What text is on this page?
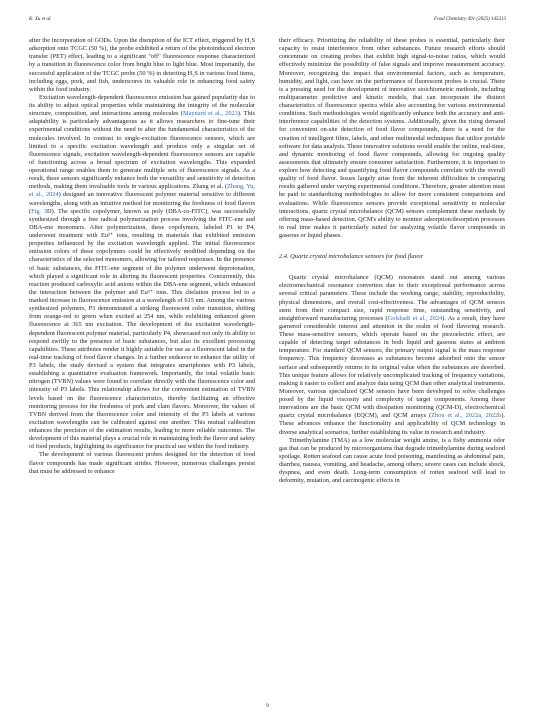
K. Xu et al.	Food Chemistry 491 (2025) 145313

after the incorporation of GODs. Upon the disruption of the ICT effect, triggered by H₂S adsorption onto TCGC (50 %), the probe exhibited a return of the photoinduced electron transfer (PET) effect, leading to a significant "off" fluorescence response characterized by a transition in fluorescence color from bright blue to light blue. Most importantly, the successful application of the TCGC probe (50 %) in detecting H₂S in various food items, including eggs, pork, and fish, underscores its valuable role in enhancing food safety within the food industry.

Excitation wavelength-dependent fluorescence emission has gained popularity due to its ability to adjust optical properties while maintaining the integrity of the molecular structure, composition, and interactions among molecules (Maynard et al., 2023). This adaptability is particularly advantageous as it allows researchers to fine-tune their experimental conditions without the need to alter the fundamental characteristics of the molecules involved. In contrast to single-excitation fluorescence sensors, which are limited to a specific excitation wavelength and produce only a singular set of fluorescence signals, excitation wavelength-dependent fluorescence sensors are capable of functioning across a broad spectrum of excitation wavelengths. This expanded operational range enables them to generate multiple sets of fluorescence signals. As a result, these sensors significantly enhance both the versatility and sensitivity of detection methods, making them invaluable tools in various applications. Zhang et al. (Zhang, Yu, et al., 2024) designed an innovative fluorescent polymer material sensitive to different wavelengths, along with an intuitive method for monitoring the freshness of food flavors (Fig. 3D). The specific copolymer, known as poly (DBA-co-FITC), was successfully synthesized through a free radical polymerization process involving the FITC-ene and DBA-ene monomers. After polymerization, these copolymers, labeled P1 to P4, underwent treatment with Eu³⁺ ions, resulting in materials that exhibited emission properties influenced by the excitation wavelength applied. The initial fluorescence emission colors of these copolymers could be effectively modified depending on the characteristics of the selected monomers, allowing for tailored responses. In the presence of basic substances, the FITC-ene segment of the polymer underwent deprotonation, which played a significant role in altering its fluorescent properties. Concurrently, this reaction produced carboxylic acid anions within the DBA-ene segment, which enhanced the interaction between the polymer and Eu³⁺ ions. This chelation process led to a marked increase in fluorescence emission at a wavelength of 615 nm. Among the various synthesized polymers, P3 demonstrated a striking fluorescent color transition, shifting from orange-red to green when excited at 254 nm, while exhibiting enhanced green fluorescence at 365 nm excitation. The development of the excitation wavelength-dependent fluorescent polymer material, particularly P4, showcased not only its ability to respond swiftly to the presence of basic substances, but also its excellent processing capabilities. These attributes render it highly suitable for use as a fluorescent label in the real-time tracking of food flavor changes. In a further endeavor to enhance the utility of P3 labels, the study devised a system that integrates smartphones with P3 labels, establishing a quantitative evaluation framework. Importantly, the total volatile basic nitrogen (TVBN) values were found to correlate directly with the fluorescence color and intensity of P3 labels. This relationship allows for the convenient estimation of TVBN levels based on the fluorescence characteristics, thereby facilitating an effective monitoring process for the freshness of pork and clam flavors. Moreover, the values of TVBN derived from the fluorescence color and intensity of the P3 labels at various excitation wavelengths can be calibrated against one another. This mutual calibration enhances the precision of the estimation results, leading to more reliable outcomes. The development of this material plays a crucial role in maintaining both the flavor and safety of food products, highlighting its significance for practical use within the food industry.

The development of various fluorescent probes designed for the detection of food flavor compounds has made significant strides. However, numerous challenges persist that must be addressed to enhance

their efficacy. Prioritizing the reliability of these probes is essential, particularly their capacity to resist interference from other substances. Future research efforts should concentrate on creating probes that exhibit high signal-to-noise ratios, which would effectively minimize the possibility of false signals and improve measurement accuracy. Moreover, recognizing the impact that environmental factors, such as temperature, humidity, and light, can have on the performance of fluorescent probes is crucial. There is a pressing need for the development of innovative stoichiometric methods, including multiparameter predictive and kinetic models, that can incorporate the distinct characteristics of fluorescence spectra while also accounting for various environmental conditions. Such methodologies would significantly enhance both the accuracy and anti-interference capabilities of the detection systems. Additionally, given the rising demand for convenient on-site detection of food flavor compounds, there is a need for the creation of intelligent films, labels, and other multimodal techniques that utilize portable software for data analysis. These innovative solutions would enable the online, real-time, and dynamic monitoring of food flavor compounds, allowing for ongoing quality assessments that ultimately ensure consumer satisfaction. Furthermore, it is important to explore how detecting and quantifying food flavor compounds correlate with the overall quality of food flavor. Issues largely arise from the inherent difficulties in comparing results gathered under varying experimental conditions. Therefore, greater attention must be paid to standardizing methodologies to allow for more consistent comparisons and evaluations. While fluorescence sensors provide exceptional sensitivity to molecular interactions, quartz crystal microbalance (QCM) sensors complement these methods by offering mass-based detection. QCM's ability to monitor adsorption/desorption processes in real time makes it particularly suited for analyzing volatile flavor compounds in gaseous or liquid phases.

2.4. Quartz crystal microbalance sensors for food flavor

Quartz crystal microbalance (QCM) resonators stand out among various electromechanical resonance converters due to their exceptional performance across several critical parameters. These include the working range, stability, reproducibility, physical dimensions, and overall cost-effectiveness. The advantages of QCM sensors stem from their compact size, rapid response time, outstanding sensitivity, and straightforward manufacturing processes (Golshadi et al., 2024). As a result, they have garnered considerable interest and attention in the realm of food flavoring research. These mass-sensitive sensors, which operate based on the piezoelectric effect, are capable of detecting target substances in both liquid and gaseous states at ambient temperature. For standard QCM sensors, the primary output signal is the mass response frequency. This frequency decreases as substances become adsorbed onto the sensor surface and subsequently returns to its original value when the substances are desorbed. This unique feature allows for relatively uncomplicated tracking of frequency variations, making it easier to collect and analyze data using QCM than other analytical instruments. Moreover, various specialized QCM sensors have been developed to solve challenges posed by the liquid viscosity and complexity of target components. Among these innovations are the basic QCM with dissipation monitoring (QCM-D), electrochemical quartz crystal microbalance (EQCM), and QCM arrays (Zhou et al., 2022a, 2022b). These advances enhance the functionality and applicability of QCM technology in diverse analytical scenarios, further establishing its value in research and industry.

Trimethylamine (TMA) as a low molecular weight amine, is a fishy ammonia odor gas that can be produced by microorganisms that degrade trimethylamine during seafood spoilage. Rotten seafood can cause acute food poisoning, manifesting as abdominal pain, diarrhea, nausea, vomiting, and headache, among others; severe cases can include shock, dyspnea, and even death. Long-term consumption of rotten seafood will lead to deformity, mutation, and carcinogenic effects in

9
